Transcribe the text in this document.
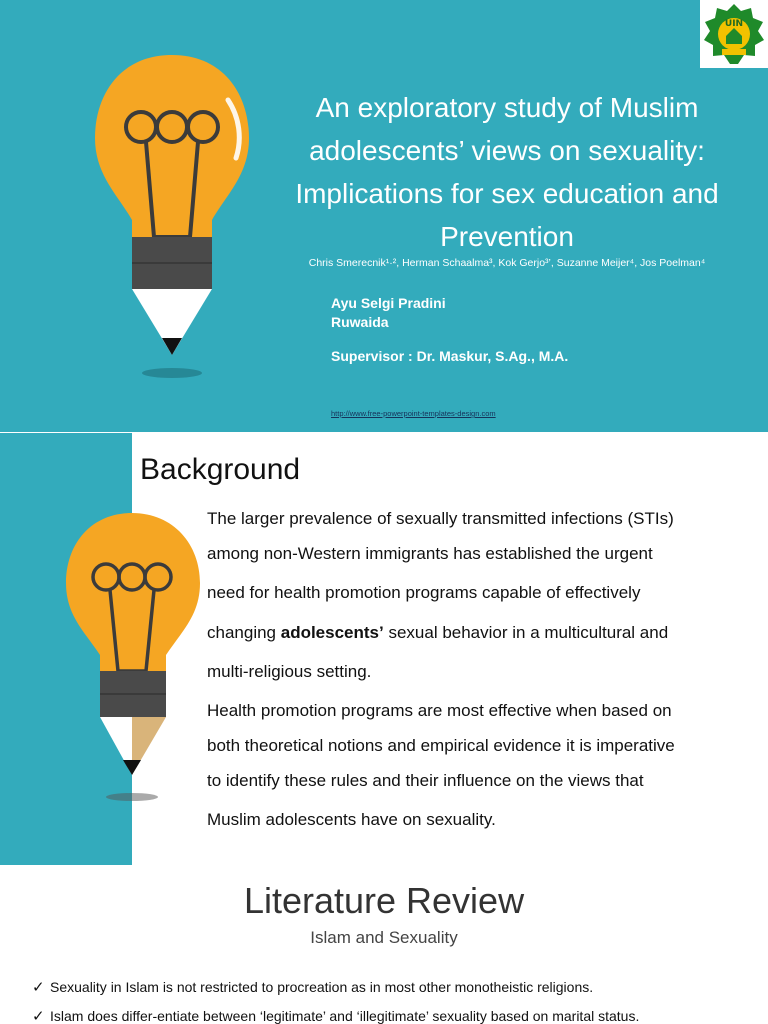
An exploratory study of Muslim
adolescents’ views on sexuality:
Implications for sex education and
Prevention
Chris Smerecnik¹·², Herman Schaalma³, Kok Gerjo³’, Suzanne Meijer⁴, Jos Poelman⁴
Ayu Selgi Pradini
Ruwaida
Supervisor : Dr. Maskur, S.Ag., M.A.
http://www.free-powerpoint-templates-design.com
UIN
Background

The larger prevalence of sexually transmitted infections (STIs)

among non-Western immigrants has established the urgent

need for health promotion programs capable of effectively

changing adolescents’ sexual behavior in a multicultural and

multi-religious setting.

Health promotion programs are most effective when based on

both theoretical notions and empirical evidence it is imperative

to identify these rules and their influence on the views that

Muslim adolescents have on sexuality.

Literature Review
Islam and Sexuality
✓ Sexuality in Islam is not restricted to procreation as in most other monotheistic religions.
✓ Islam does differ-entiate between ‘legitimate’ and ‘illegitimate’ sexuality based on marital status.
